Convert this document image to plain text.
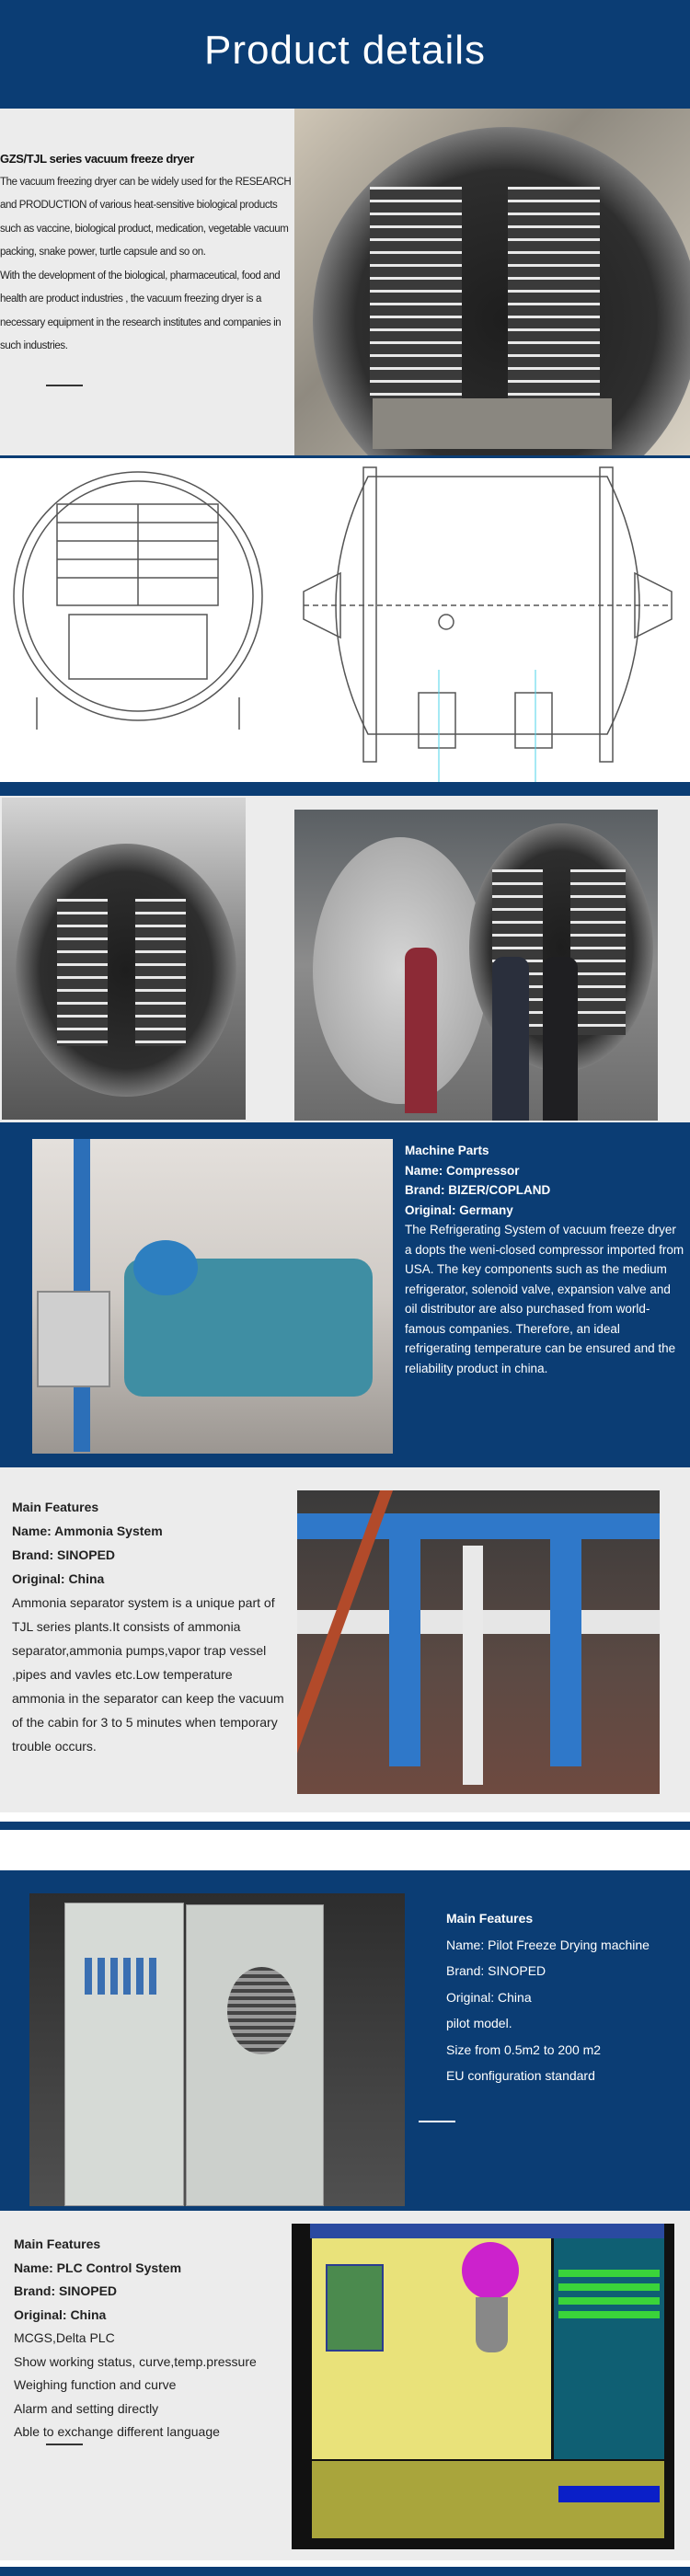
Product details
GZS/TJL series vacuum freeze dryer
The vacuum freezing dryer can be widely used for the RESEARCH and PRODUCTION of various heat-sensitive biological products such as vaccine, biological product, medication, vegetable vacuum packing, snake power, turtle capsule and so on.
With the development of the biological, pharmaceutical, food and health are product industries , the vacuum freezing dryer is a necessary equipment in the research institutes and companies in such industries.
Machine Parts
Name: Compressor
Brand: BIZER/COPLAND
Original: Germany
The Refrigerating System of vacuum freeze dryer a dopts the weni-closed compressor imported from USA. The key components such as the medium refrigerator, solenoid valve, expansion valve and oil distributor are also purchased from world-famous companies. Therefore, an ideal refrigerating temperature can be ensured and the reliability product in china.
Main Features
Name: Ammonia System
Brand: SINOPED
Original: China
Ammonia separator system is a unique part of TJL series plants.It consists of ammonia separator,ammonia pumps,vapor trap vessel ,pipes and vavles etc.Low temperature ammonia in the separator can keep the vacuum of the cabin for 3 to 5 minutes when temporary trouble occurs.
Main Features
Name: Pilot Freeze Drying machine
Brand: SINOPED
Original: China
pilot model.
Size from 0.5m2 to 200 m2
EU configuration standard
Main Features
Name: PLC Control System
Brand: SINOPED
Original: China
MCGS,Delta PLC
Show working status, curve,temp.pressure
Weighing function and curve
Alarm and setting directly
Able to exchange different language
